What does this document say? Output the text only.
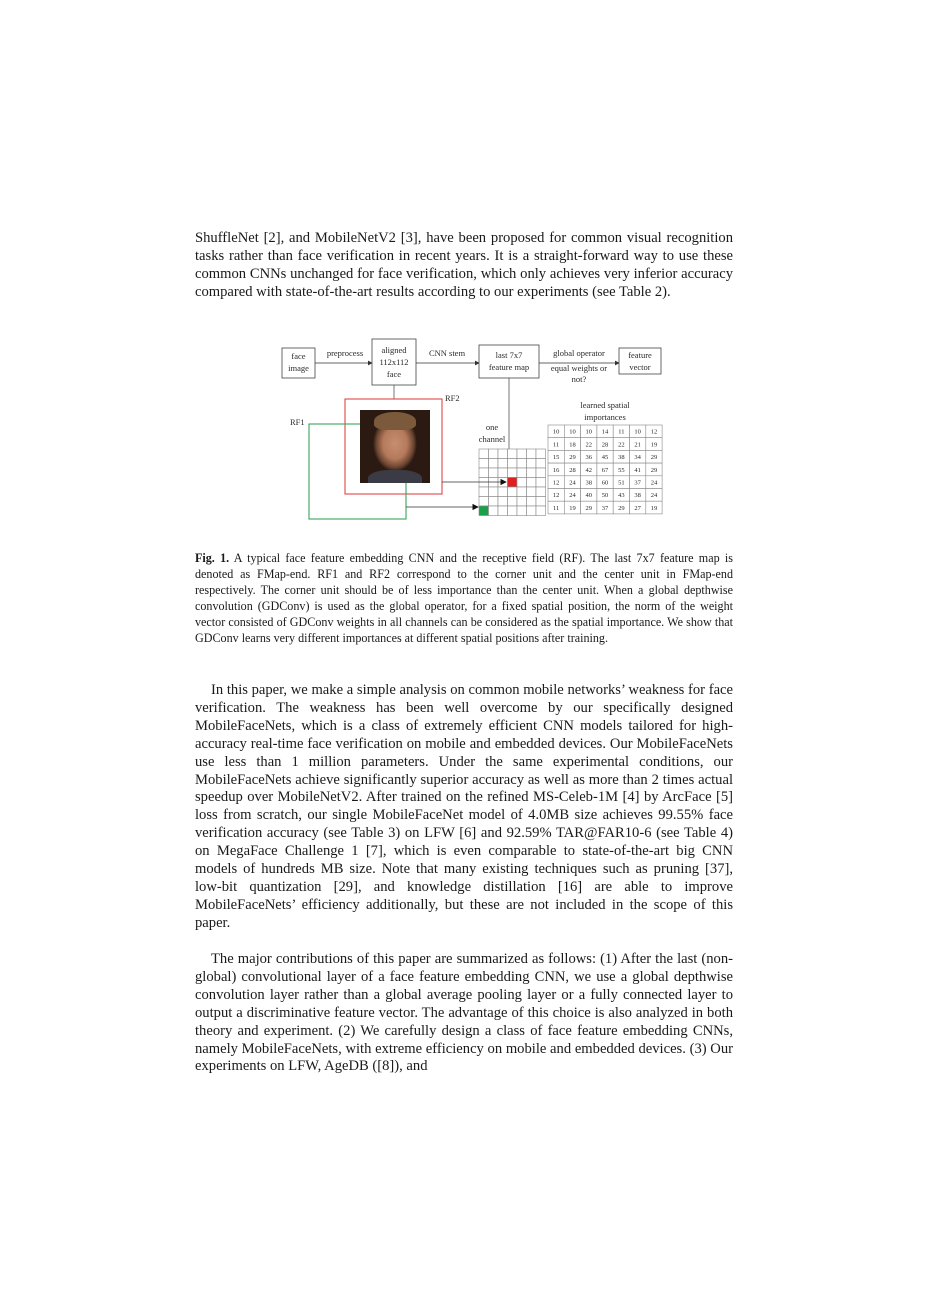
ShuffleNet [2], and MobileNetV2 [3], have been proposed for common visual recognition tasks rather than face verification in recent years. It is a straight-forward way to use these common CNNs unchanged for face verification, which only achieves very inferior accuracy compared with state-of-the-art results according to our experiments (see Table 2).

face
image
preprocess aligned
112x112
face
CNN stem	last 7x7
feature map
global operator
equal weights or
not?
feature
vector
one
channel
RF2
RF1
learned spatial
importances
10 10 10 14 11 10 12
11 18 22 28 22 21 19
15 29 36 45 38 34 29
16 28 42 67 55 41 29
12 24 38 60 51 37 24
12 24 40 50 43 38 24
11 19 29 37 29 27 19

Fig. 1. A typical face feature embedding CNN and the receptive field (RF). The last 7x7 feature map is denoted as FMap-end. RF1 and RF2 correspond to the corner unit and the center unit in FMap-end respectively. The corner unit should be of less importance than the center unit. When a global depthwise convolution (GDConv) is used as the global operator, for a fixed spatial position, the norm of the weight vector consisted of GDConv weights in all channels can be considered as the spatial importance. We show that GDConv learns very different importances at different spatial positions after training.

In this paper, we make a simple analysis on common mobile networks’ weakness for face verification. The weakness has been well overcome by our specifically designed MobileFaceNets, which is a class of extremely efficient CNN models tailored for high-accuracy real-time face verification on mobile and embedded devices. Our MobileFaceNets use less than 1 million parameters. Under the same experimental conditions, our MobileFaceNets achieve significantly superior accuracy as well as more than 2 times actual speedup over MobileNetV2. After trained on the refined MS-Celeb-1M [4] by ArcFace [5] loss from scratch, our single MobileFaceNet model of 4.0MB size achieves 99.55% face verification accuracy (see Table 3) on LFW [6] and 92.59% TAR@FAR10-6 (see Table 4) on MegaFace Challenge 1 [7], which is even comparable to state-of-the-art big CNN models of hundreds MB size. Note that many existing techniques such as pruning [37], low-bit quantization [29], and knowledge distillation [16] are able to improve MobileFaceNets’ efficiency additionally, but these are not included in the scope of this paper.

The major contributions of this paper are summarized as follows: (1) After the last (non-global) convolutional layer of a face feature embedding CNN, we use a global depthwise convolution layer rather than a global average pooling layer or a fully connected layer to output a discriminative feature vector. The advantage of this choice is also analyzed in both theory and experiment. (2) We carefully design a class of face feature embedding CNNs, namely MobileFaceNets, with extreme efficiency on mobile and embedded devices. (3) Our experiments on LFW, AgeDB ([8]), and
